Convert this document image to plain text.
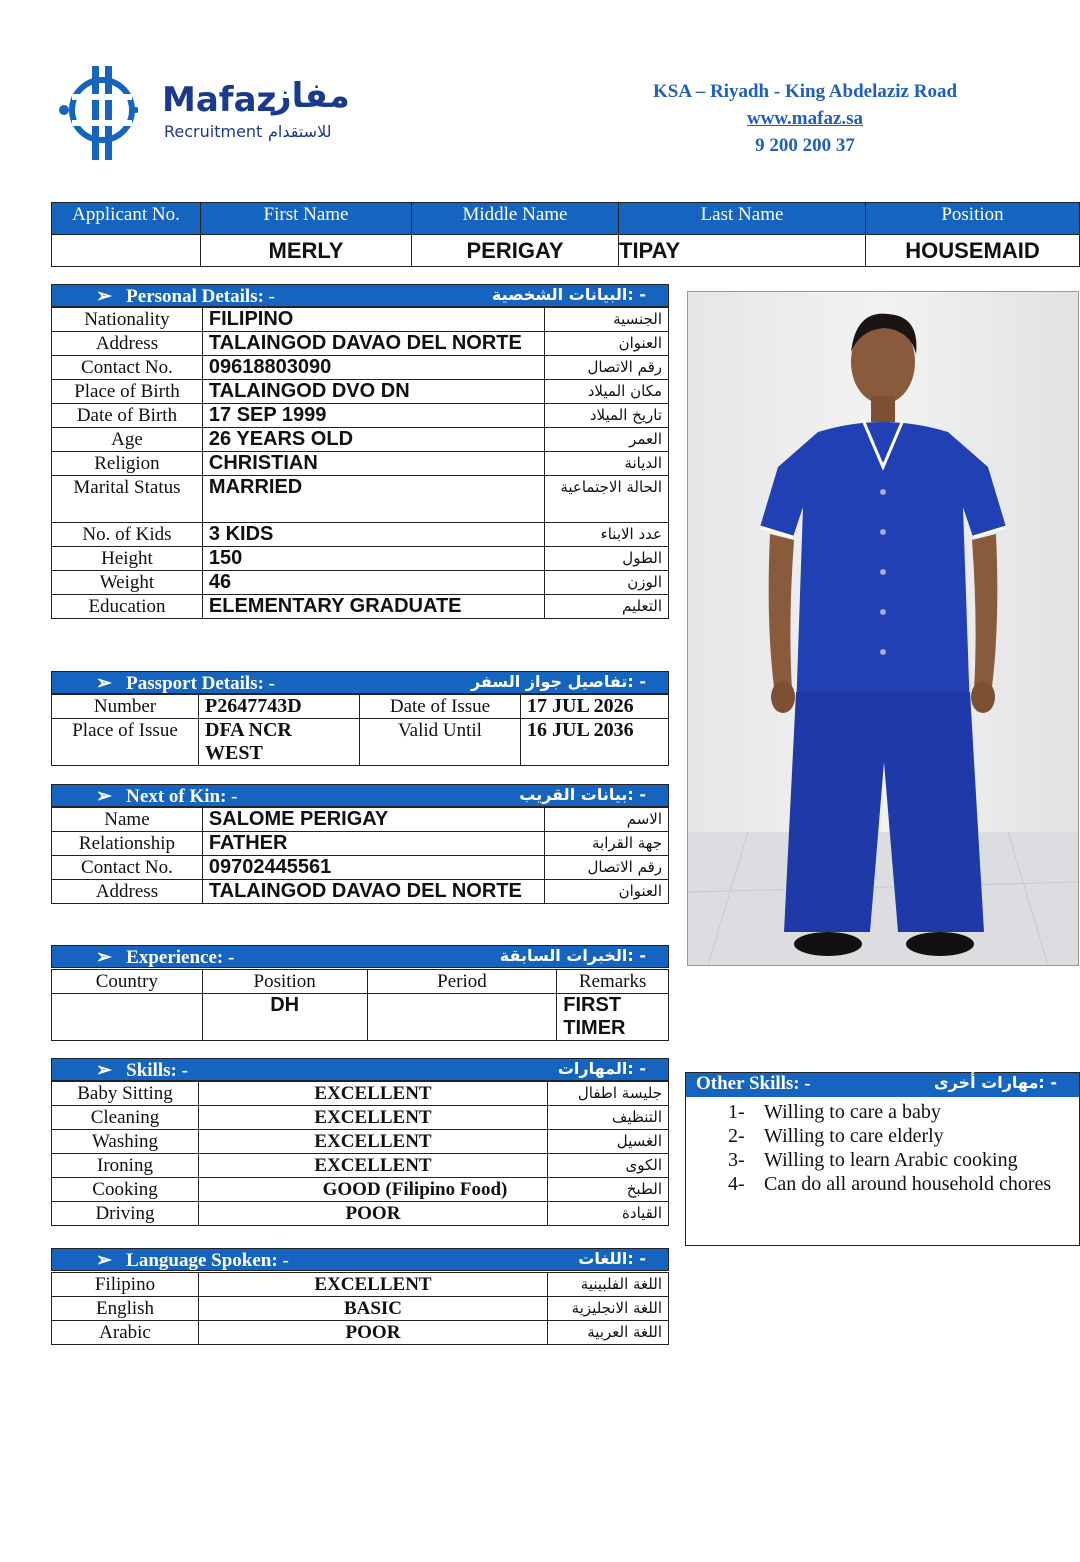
Mafaz
مفاز
Recruitment للاستقدام
KSA – Riyadh - King Abdelaziz Road
www.mafaz.sa
9 200 200 37
Applicant No.	First Name	Middle Name	Last Name	Position
	MERLY	PERIGAY	TIPAY	HOUSEMAID
➢ Personal Details: -	البيانات الشخصية: -
Nationality	FILIPINO	الجنسية
Address	TALAINGOD DAVAO DEL NORTE	العنوان
Contact No.	09618803090	رقم الاتصال
Place of Birth	TALAINGOD DVO DN	مكان الميلاد
Date of Birth	17 SEP 1999	تاريخ الميلاد
Age	26 YEARS OLD	العمر
Religion	CHRISTIAN	الديانة
Marital Status	MARRIED	الحالة الاجتماعية
No. of Kids	3 KIDS	عدد الابناء
Height	150	الطول
Weight	46	الوزن
Education	ELEMENTARY GRADUATE	التعليم
➢ Passport Details: -	تفاصيل جواز السفر: -
Number	P2647743D	Date of Issue	17 JUL 2026
Place of Issue	DFA NCR WEST	Valid Until	16 JUL 2036
➢ Next of Kin: -	بيانات القريب: -
Name	SALOME PERIGAY	الاسم
Relationship	FATHER	جهة القرابة
Contact No.	09702445561	رقم الاتصال
Address	TALAINGOD DAVAO DEL NORTE	العنوان
➢ Experience: -	الخبرات السابقة: -
Country	Position	Period	Remarks
	DH		FIRST TIMER
➢ Skills: -	المهارات: -
Baby Sitting	EXCELLENT	جليسة اطفال
Cleaning	EXCELLENT	التنظيف
Washing	EXCELLENT	الغسيل
Ironing	EXCELLENT	الكوى
Cooking	GOOD (Filipino Food)	الطبخ
Driving	POOR	القيادة
➢ Language Spoken: -	اللغات: -
Filipino	EXCELLENT	اللغة الفلبينية
English	BASIC	اللغة الانجليزية
Arabic	POOR	اللغة العربية
Other Skills: -	مهارات أخرى: -
1- Willing to care a baby
2- Willing to care elderly
3- Willing to learn Arabic cooking
4- Can do all around household chores
